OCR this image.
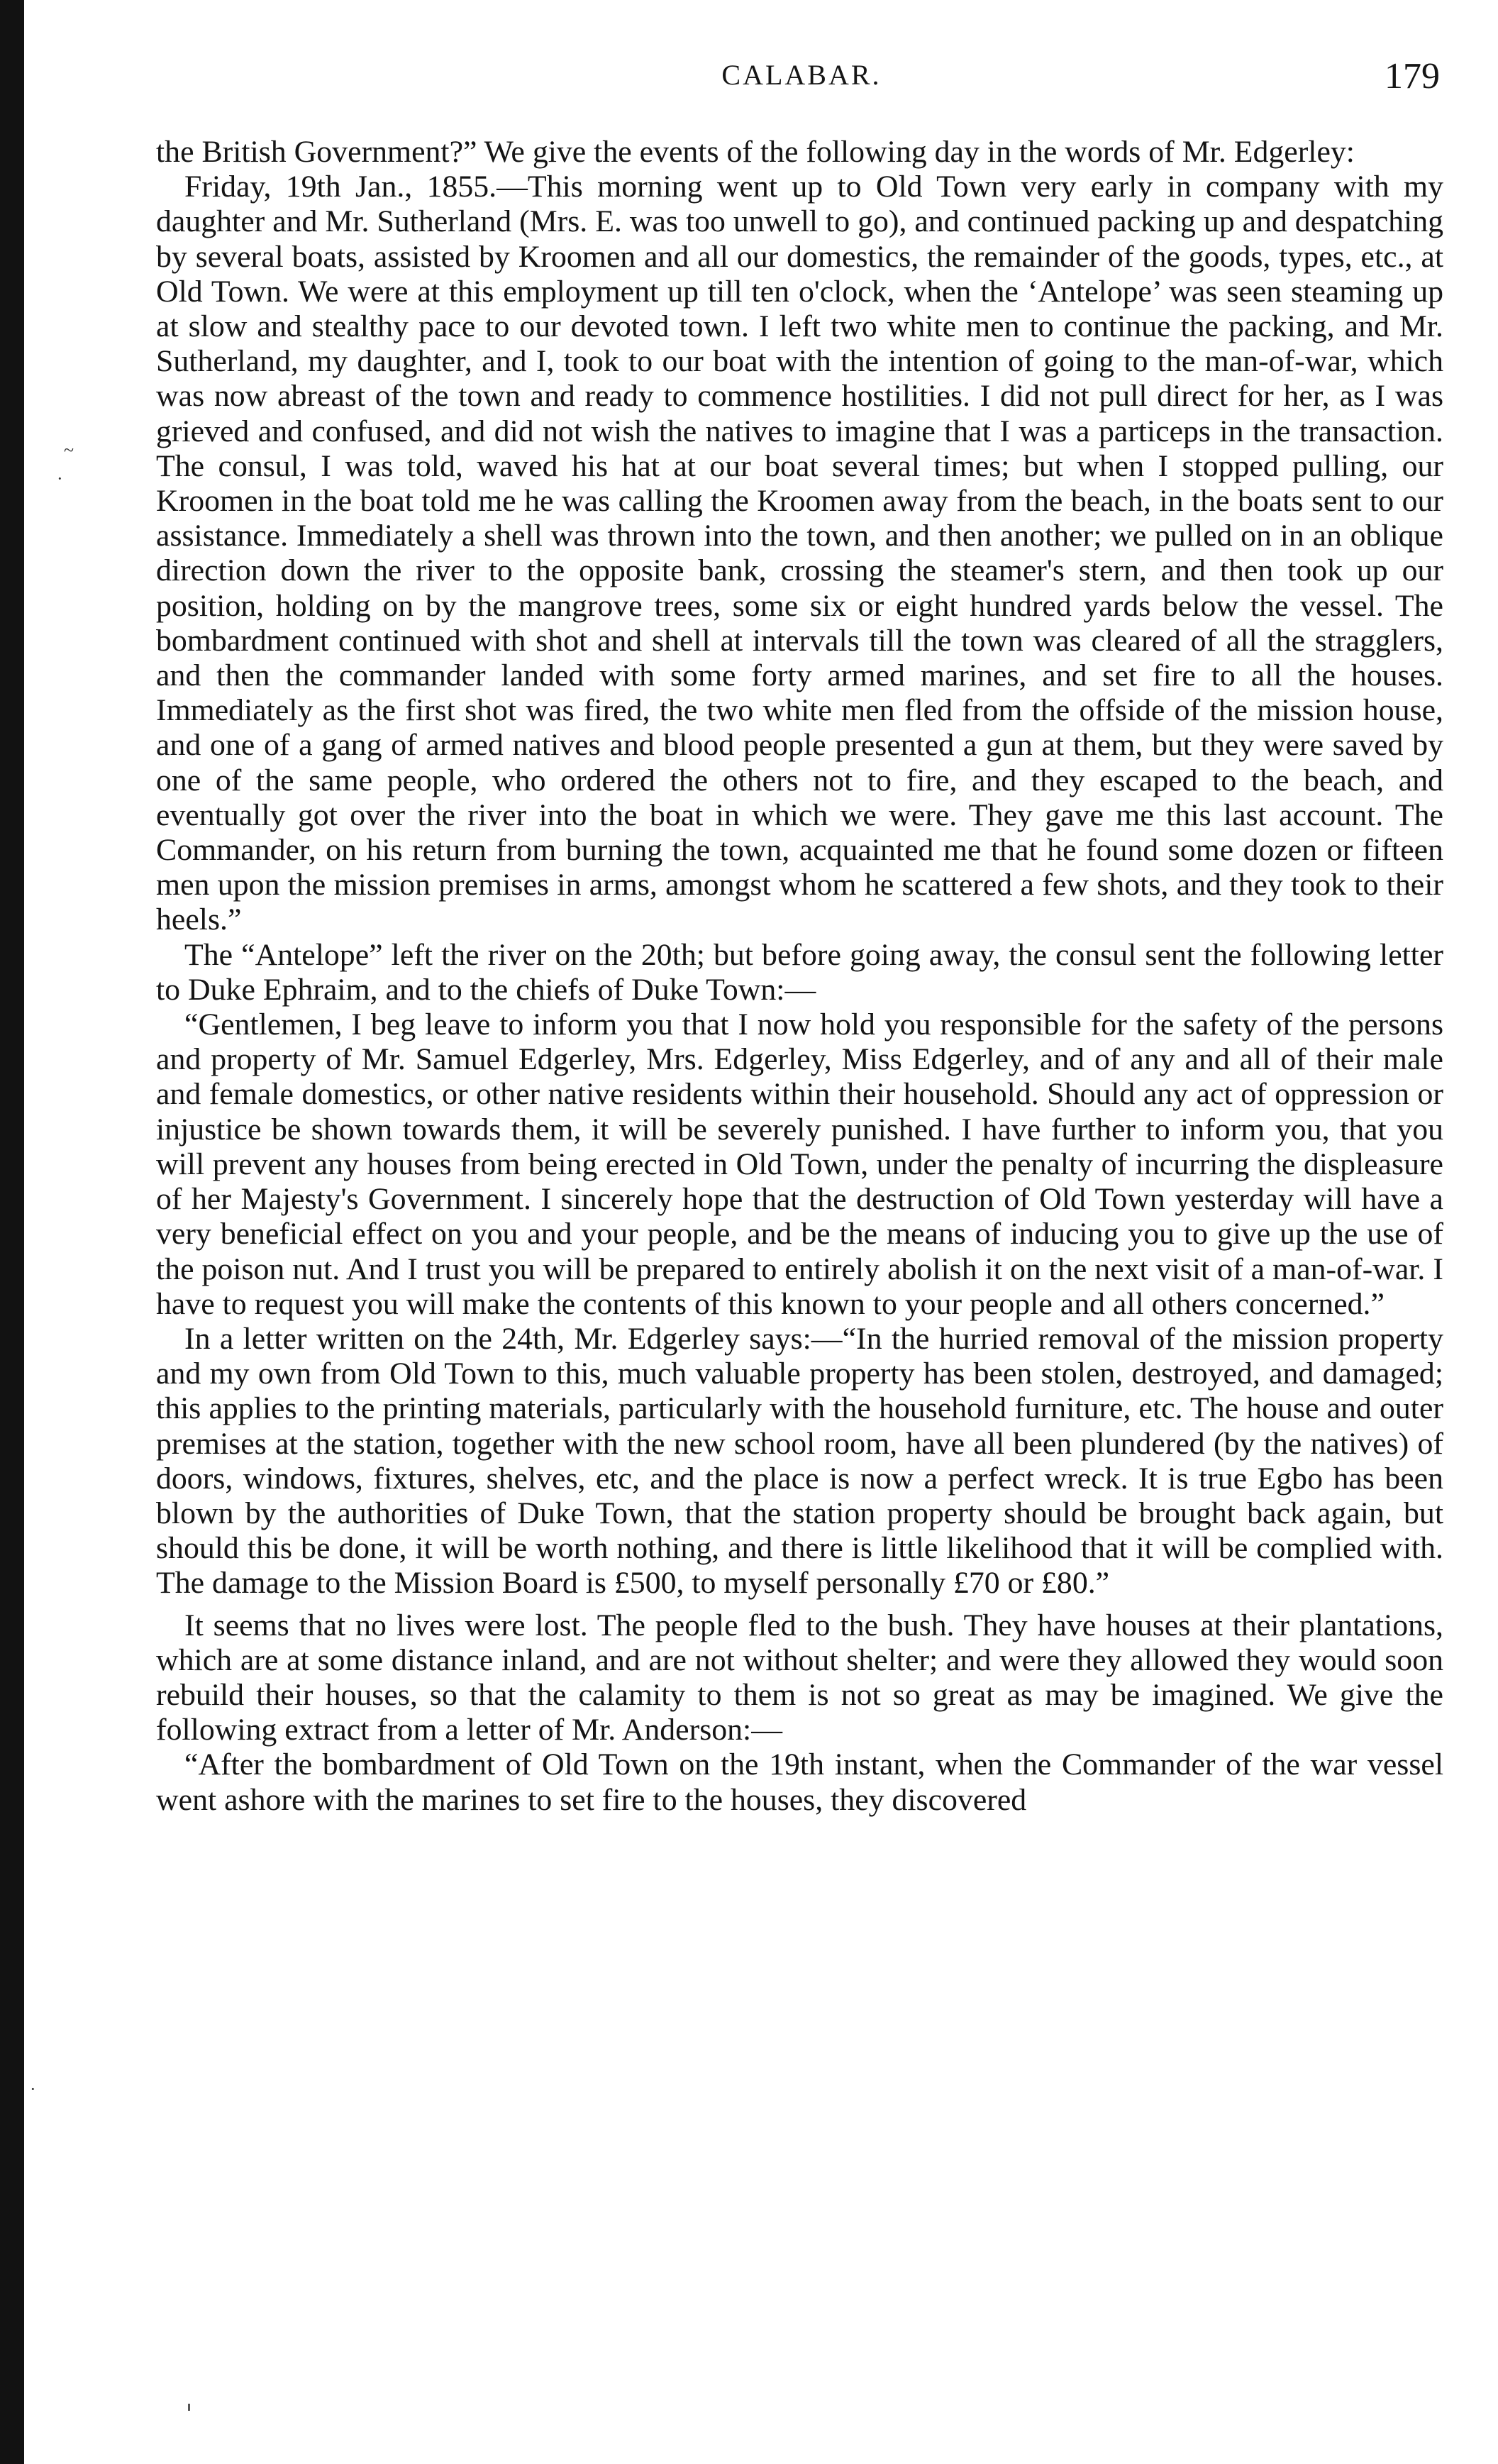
~
·
·
CALABAR.	179

the British Government?” We give the events of the following day in the words of Mr. Edgerley:

Friday, 19th Jan., 1855.—This morning went up to Old Town very early in company with my daughter and Mr. Sutherland (Mrs. E. was too unwell to go), and continued packing up and despatching by several boats, assisted by Kroomen and all our domestics, the remainder of the goods, types, etc., at Old Town. We were at this employment up till ten o'clock, when the ‘Antelope’ was seen steaming up at slow and stealthy pace to our devoted town. I left two white men to continue the packing, and Mr. Sutherland, my daughter, and I, took to our boat with the intention of going to the man-of-war, which was now abreast of the town and ready to commence hostilities. I did not pull direct for her, as I was grieved and confused, and did not wish the natives to imagine that I was a particeps in the transaction. The consul, I was told, waved his hat at our boat several times; but when I stopped pulling, our Kroomen in the boat told me he was calling the Kroomen away from the beach, in the boats sent to our assistance. Immediately a shell was thrown into the town, and then another; we pulled on in an oblique direction down the river to the opposite bank, crossing the steamer's stern, and then took up our position, holding on by the mangrove trees, some six or eight hundred yards below the vessel. The bombardment continued with shot and shell at intervals till the town was cleared of all the stragglers, and then the commander landed with some forty armed marines, and set fire to all the houses. Immediately as the first shot was fired, the two white men fled from the offside of the mission house, and one of a gang of armed natives and blood people presented a gun at them, but they were saved by one of the same people, who ordered the others not to fire, and they escaped to the beach, and eventually got over the river into the boat in which we were. They gave me this last account. The Commander, on his return from burning the town, acquainted me that he found some dozen or fifteen men upon the mission premises in arms, amongst whom he scattered a few shots, and they took to their heels.”

The “Antelope” left the river on the 20th; but before going away, the consul sent the following letter to Duke Ephraim, and to the chiefs of Duke Town:—

“Gentlemen, I beg leave to inform you that I now hold you responsible for the safety of the persons and property of Mr. Samuel Edgerley, Mrs. Edgerley, Miss Edgerley, and of any and all of their male and female domestics, or other native residents within their household. Should any act of oppression or injustice be shown towards them, it will be severely punished. I have further to inform you, that you will prevent any houses from being erected in Old Town, under the penalty of incurring the displeasure of her Majesty's Government. I sincerely hope that the destruction of Old Town yesterday will have a very beneficial effect on you and your people, and be the means of inducing you to give up the use of the poison nut. And I trust you will be prepared to entirely abolish it on the next visit of a man-of-war. I have to request you will make the contents of this known to your people and all others concerned.”

In a letter written on the 24th, Mr. Edgerley says:—“In the hurried removal of the mission property and my own from Old Town to this, much valuable property has been stolen, destroyed, and damaged; this applies to the printing materials, particularly with the household furniture, etc. The house and outer premises at the station, together with the new school room, have all been plundered (by the natives) of doors, windows, fixtures, shelves, etc, and the place is now a perfect wreck. It is true Egbo has been blown by the authorities of Duke Town, that the station property should be brought back again, but should this be done, it will be worth nothing, and there is little likelihood that it will be complied with. The damage to the Mission Board is £500, to myself personally £70 or £80.”

It seems that no lives were lost. The people fled to the bush. They have houses at their plantations, which are at some distance inland, and are not without shelter; and were they allowed they would soon rebuild their houses, so that the calamity to them is not so great as may be imagined. We give the following extract from a letter of Mr. Anderson:—

“After the bombardment of Old Town on the 19th instant, when the Commander of the war vessel went ashore with the marines to set fire to the houses, they discovered
